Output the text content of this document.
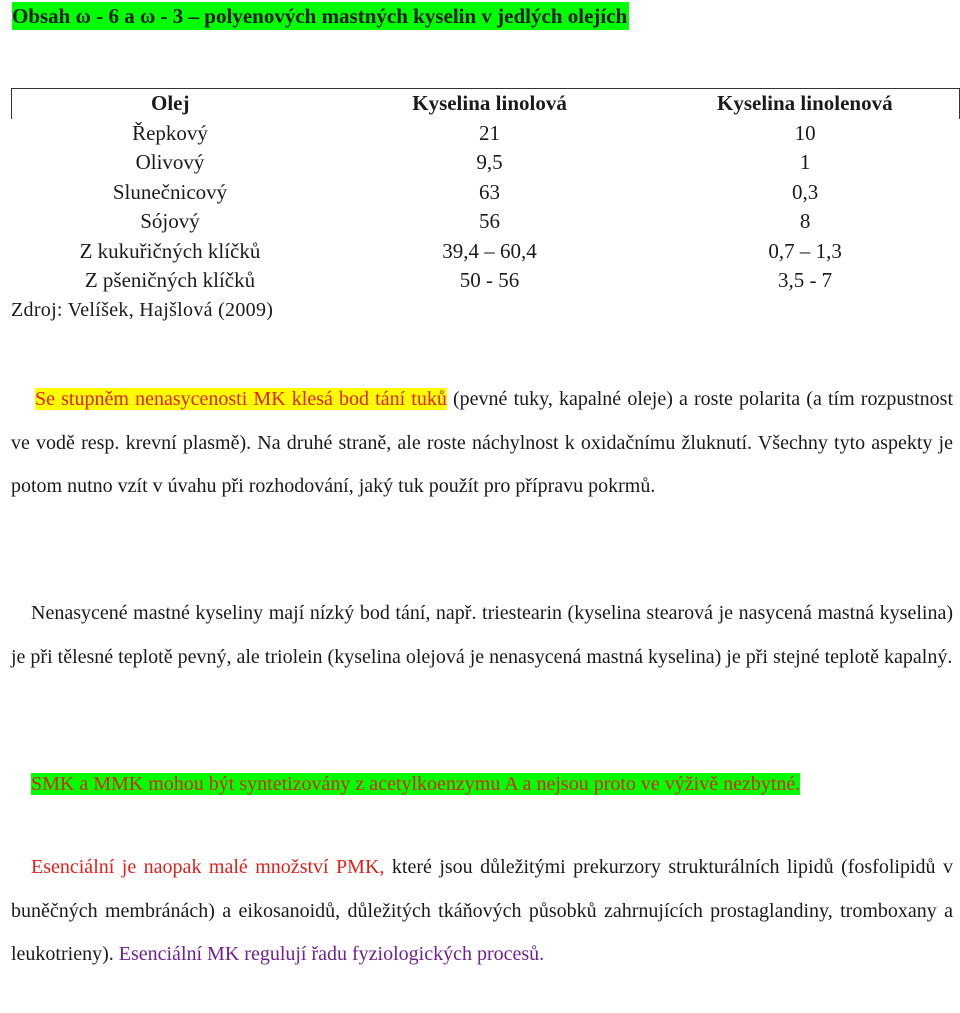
Obsah ω - 6 a ω - 3 – polyenových mastných kyselin v jedlých olejích
Olej	Kyselina linolová	Kyselina linolenová
Řepkový	21	10
Olivový	9,5	1
Slunečnicový	63	0,3
Sójový	56	8
Z kukuřičných klíčků	39,4 – 60,4	0,7 – 1,3
Z pšeničných klíčků	50 - 56	3,5 - 7
Zdroj: Velíšek, Hajšlová (2009)
Se stupněm nenasycenosti MK klesá bod tání tuků (pevné tuky, kapalné oleje) a roste polarita (a tím rozpustnost ve vodě resp. krevní plasmě). Na druhé straně, ale roste náchylnost k oxidačnímu žluknutí. Všechny tyto aspekty je potom nutno vzít v úvahu při rozhodování, jaký tuk použít pro přípravu pokrmů.
Nenasycené mastné kyseliny mají nízký bod tání, např. triestearin (kyselina stearová je nasycená mastná kyselina) je při tělesné teplotě pevný, ale triolein (kyselina olejová je nenasycená mastná kyselina) je při stejné teplotě kapalný.
SMK a MMK mohou být syntetizovány z acetylkoenzymu A a nejsou proto ve výživě nezbytné.
Esenciální je naopak malé množství PMK, které jsou důležitými prekurzory strukturálních lipidů (fosfolipidů v buněčných membránách) a eikosanoidů, důležitých tkáňových působků zahrnujících prostaglandiny, tromboxany a leukotrieny). Esenciální MK regulují řadu fyziologických procesů.
